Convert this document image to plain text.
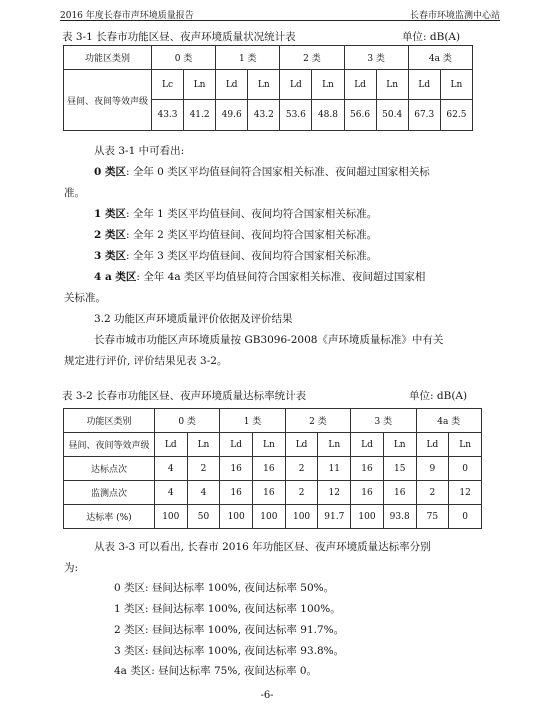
2016 年度长春市声环境质量报告	长春市环境监测中心站
表 3-1 长春市功能区昼、夜声环境质量状况统计表	单位: dB(A)
功能区类别	0 类		1 类		2 类		3 类		4a 类	
昼间、夜间等效声级	Lc	Ln	Ld	Ln	Ld	Ln	Ld	Ln	Ld	Ln
	43.3	41.2	49.6	43.2	53.6	48.8	56.6	50.4	67.3	62.5
从表 3-1 中可看出:
0 类区: 全年 0 类区平均值昼间符合国家相关标准、夜间超过国家相关标
准。
1 类区: 全年 1 类区平均值昼间、夜间均符合国家相关标准。
2 类区: 全年 2 类区平均值昼间、夜间均符合国家相关标准。
3 类区: 全年 3 类区平均值昼间、夜间均符合国家相关标准。
4 a 类区: 全年 4a 类区平均值昼间符合国家相关标准、夜间超过国家相
关标准。
3.2 功能区声环境质量评价依据及评价结果
长春市城市功能区声环境质量按 GB3096-2008《声环境质量标准》中有关
规定进行评价, 评价结果见表 3-2。
表 3-2 长春市功能区昼、夜声环境质量达标率统计表	单位: dB(A)
功能区类别	0 类		1 类		2 类		3 类		4a 类	
昼间、夜间等效声级	Ld	Ln	Ld	Ln	Ld	Ln	Ld	Ln	Ld	Ln
达标点次	4	2	16	16	2	11	16	15	9	0
监测点次	4	4	16	16	2	12	16	16	2	12
达标率 (%)	100	50	100	100	100	91.7	100	93.8	75	0
从表 3-3 可以看出, 长春市 2016 年功能区昼、夜声环境质量达标率分别
为:
0 类区: 昼间达标率 100%, 夜间达标率 50%。
1 类区: 昼间达标率 100%, 夜间达标率 100%。
2 类区: 昼间达标率 100%, 夜间达标率 91.7%。
3 类区: 昼间达标率 100%, 夜间达标率 93.8%。
4a 类区: 昼间达标率 75%, 夜间达标率 0。
-6-
